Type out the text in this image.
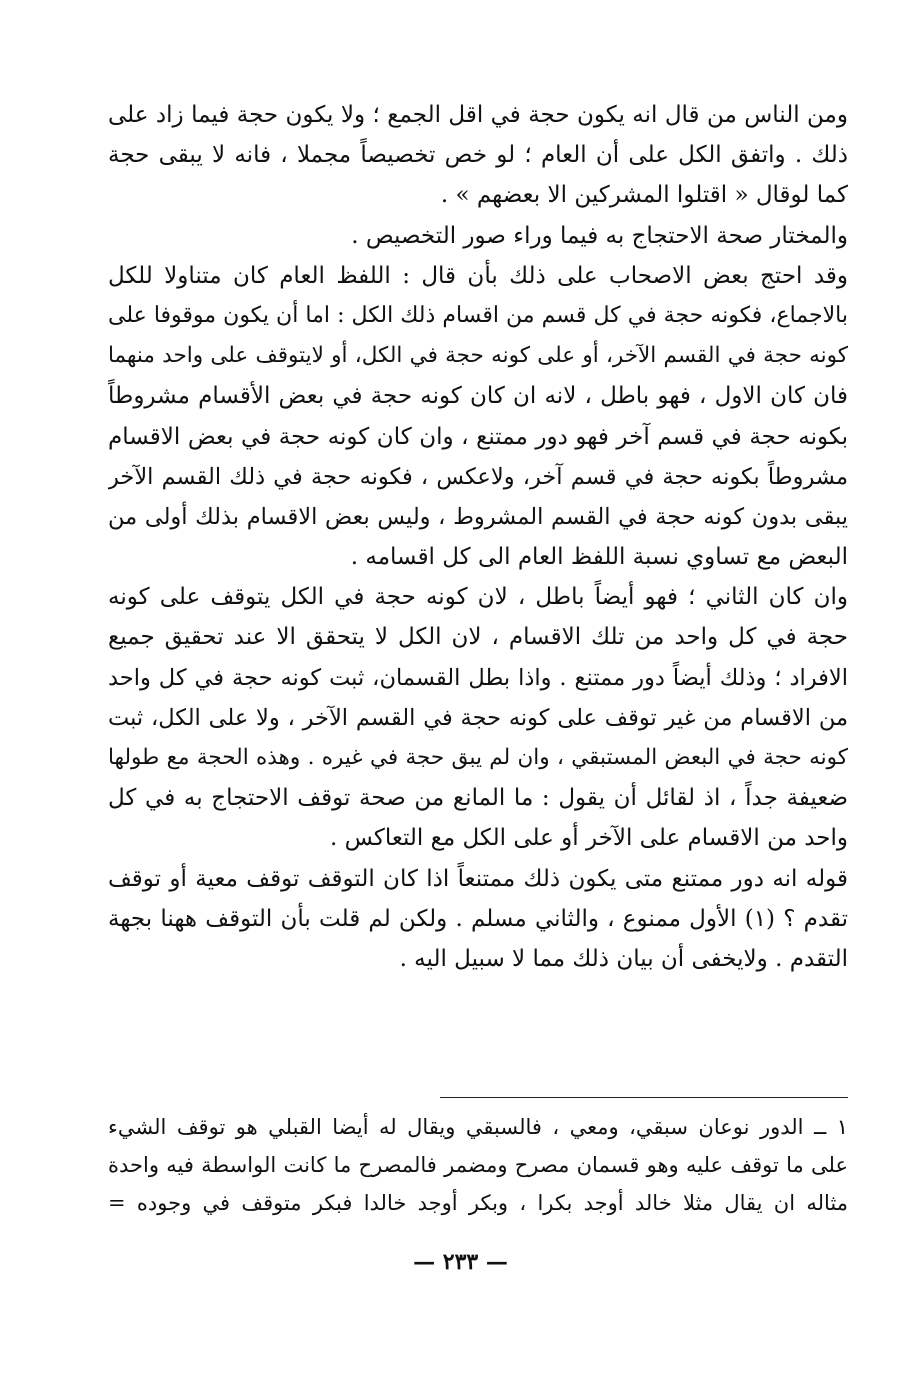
ومن الناس من قال انه يكون حجة في اقل الجمع ؛ ولا يكون حجة فيما زاد على
ذلك . واتفق الكل على أن العام ؛ لو خص تخصيصاً مجملا ، فانه لا يبقى حجة
كما لوقال « اقتلوا المشركين الا بعضهم » .
والمختار صحة الاحتجاج به فيما وراء صور التخصيص .
وقد احتج بعض الاصحاب على ذلك بأن قال : اللفظ العام كان متناولا للكل
بالاجماع، فكونه حجة في كل قسم من اقسام ذلك الكل : اما أن يكون موقوفا على
كونه حجة في القسم الآخر، أو على كونه حجة في الكل، أو لايتوقف على واحد منهما
فان كان الاول ، فهو باطل ، لانه ان كان كونه حجة في بعض الأقسام مشروطاً
بكونه حجة في قسم آخر فهو دور ممتنع ، وان كان كونه حجة في بعض الاقسام
مشروطاً بكونه حجة في قسم آخر، ولاعكس ، فكونه حجة في ذلك القسم الآخر
يبقى بدون كونه حجة في القسم المشروط ، وليس بعض الاقسام بذلك أولى من
البعض مع تساوي نسبة اللفظ العام الى كل اقسامه .
وان كان الثاني ؛ فهو أيضاً باطل ، لان كونه حجة في الكل يتوقف على كونه
حجة في كل واحد من تلك الاقسام ، لان الكل لا يتحقق الا عند تحقيق جميع
الافراد ؛ وذلك أيضاً دور ممتنع . واذا بطل القسمان، ثبت كونه حجة في كل واحد
من الاقسام من غير توقف على كونه حجة في القسم الآخر ، ولا على الكل، ثبت
كونه حجة في البعض المستبقي ، وان لم يبق حجة في غيره . وهذه الحجة مع طولها
ضعيفة جداً ، اذ لقائل أن يقول : ما المانع من صحة توقف الاحتجاج به في كل
واحد من الاقسام على الآخر أو على الكل مع التعاكس .
قوله انه دور ممتنع متى يكون ذلك ممتنعاً اذا كان التوقف توقف معية أو توقف
تقدم ؟ (١) الأول ممنوع ، والثاني مسلم . ولكن لم قلت بأن التوقف ههنا بجهة
التقدم . ولايخفى أن بيان ذلك مما لا سبيل اليه .
١ ــ الدور نوعان سبقي، ومعي ، فالسبقي ويقال له أيضا القبلي هو توقف الشيء
على ما توقف عليه وهو قسمان مصرح ومضمر فالمصرح ما كانت الواسطة فيه واحدة
مثاله ان يقال مثلا خالد أوجد بكرا ، وبكر أوجد خالدا فبكر متوقف في وجوده =
— ٢٣٣ —
